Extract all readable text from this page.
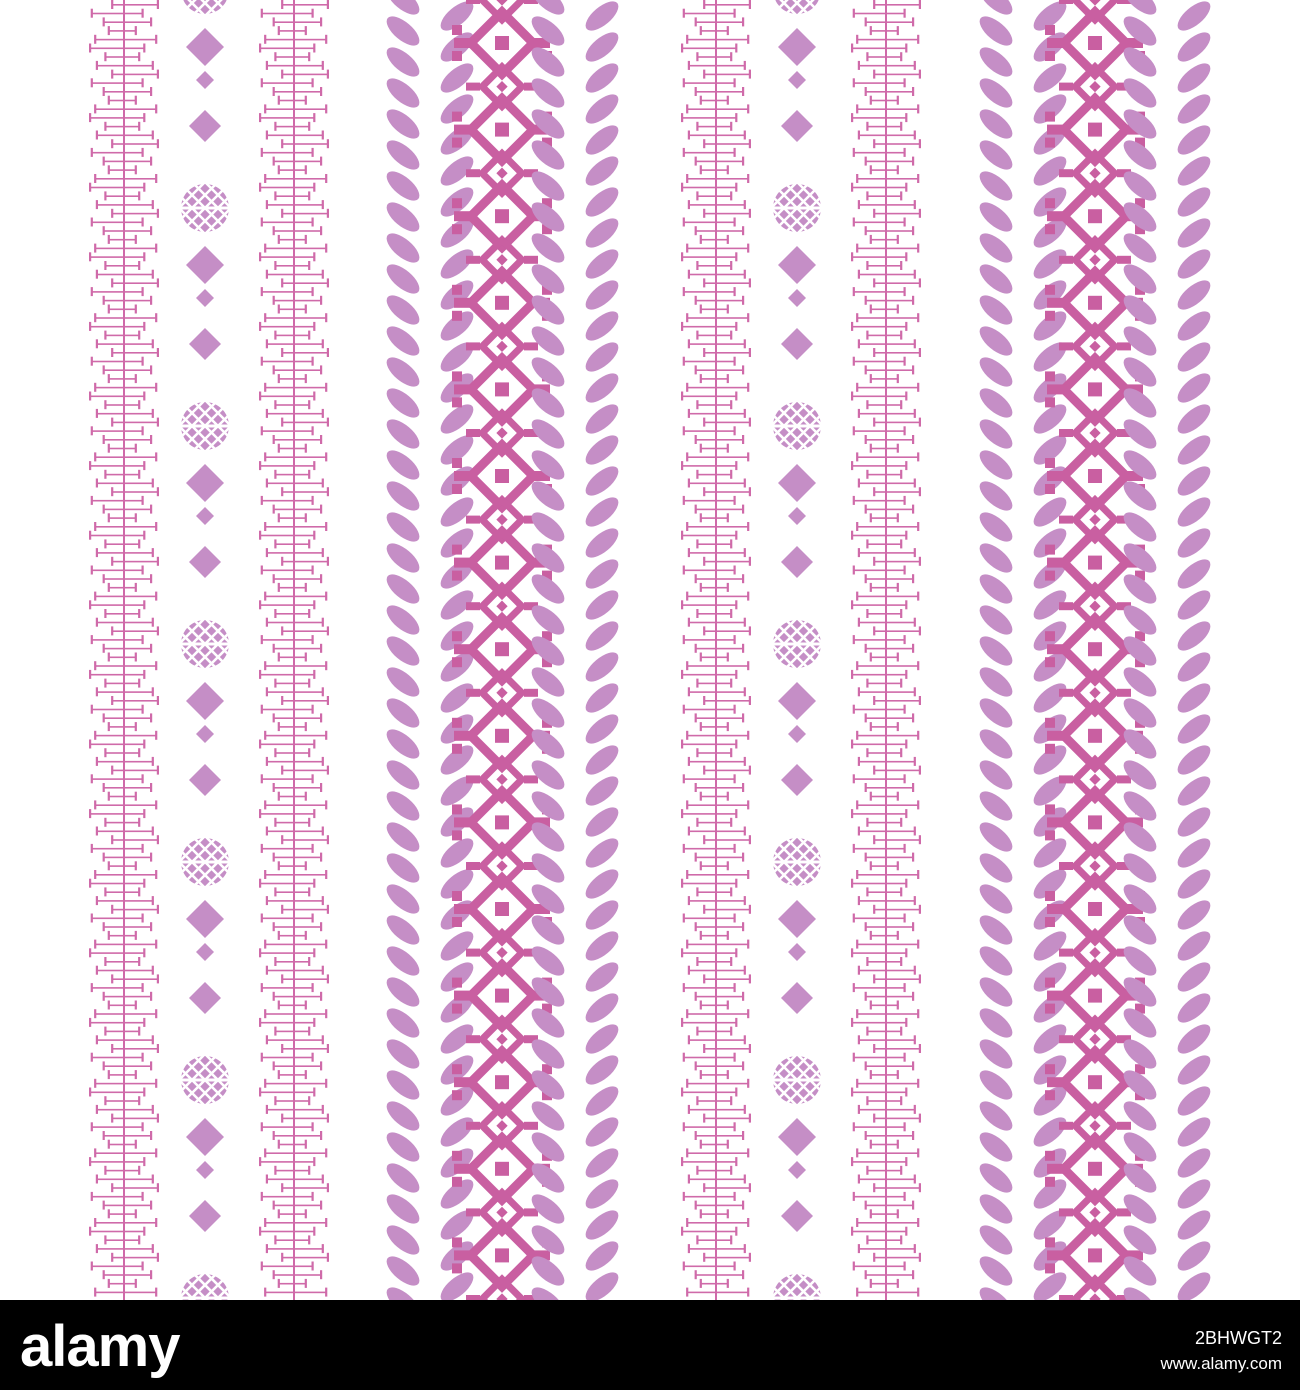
alamy	2BHWGT2
www.alamy.com
